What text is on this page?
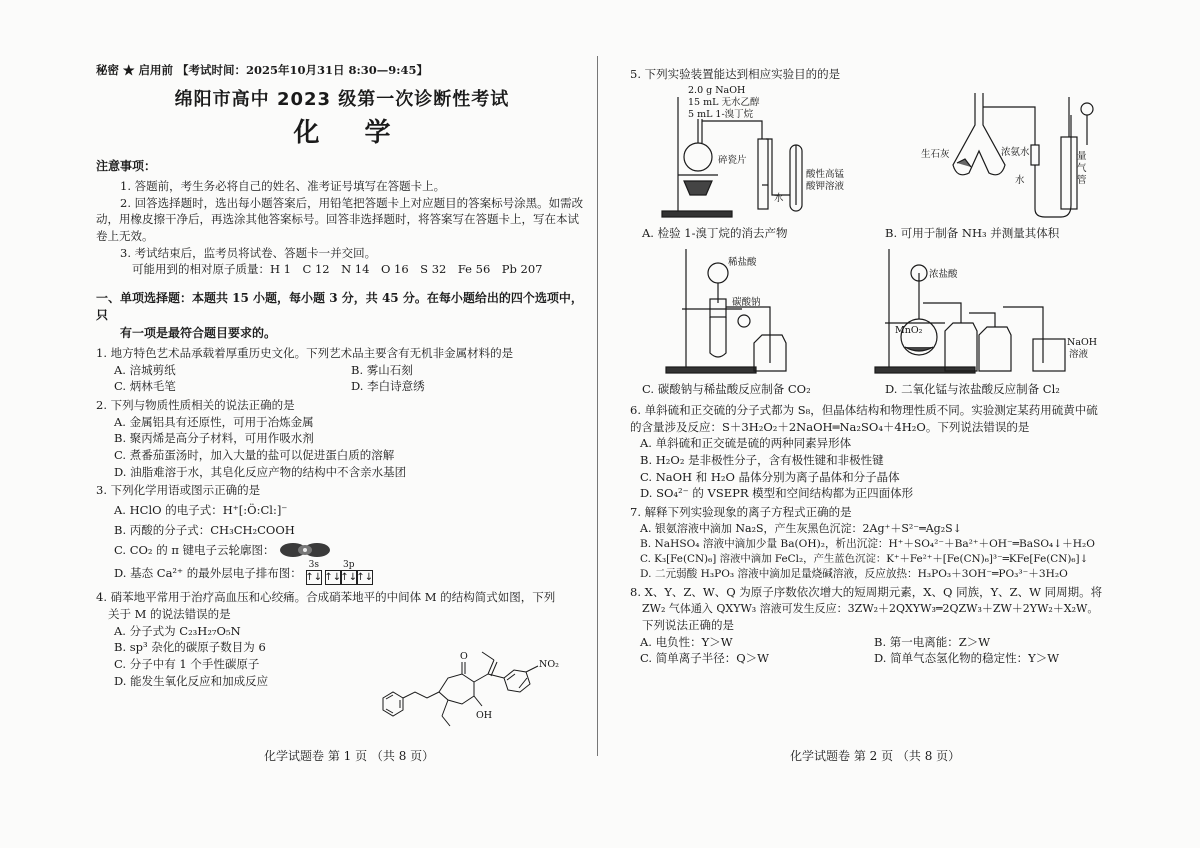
秘密 ★ 启用前 【考试时间：2025年10月31日 8:30—9:45】
绵阳市高中 2023 级第一次诊断性考试
化 学
注意事项：
1. 答题前，考生务必将自己的姓名、准考证号填写在答题卡上。
2. 回答选择题时，选出每小题答案后，用铅笔把答题卡上对应题目的答案标号涂黑。如需改动，用橡皮擦干净后，再选涂其他答案标号。回答非选择题时，将答案写在答题卡上，写在本试卷上无效。
3. 考试结束后，监考员将试卷、答题卡一并交回。
可能用到的相对原子质量：H 1　C 12　N 14　O 16　S 32　Fe 56　Pb 207
一、单项选择题：本题共 15 小题，每小题 3 分，共 45 分。在每小题给出的四个选项中，只
有一项是最符合题目要求的。
1. 地方特色艺术品承载着厚重历史文化。下列艺术品主要含有无机非金属材料的是
A. 涪城剪纸	B. 雾山石刻
C. 炳林毛笔	D. 李白诗意绣
2. 下列与物质性质相关的说法正确的是
A. 金属铝具有还原性，可用于冶炼金属
B. 聚丙烯是高分子材料，可用作吸水剂
C. 煮番茄蛋汤时，加入大量的盐可以促进蛋白质的溶解
D. 油脂难溶于水，其皂化反应产物的结构中不含亲水基团
3. 下列化学用语或图示正确的是
A. HClO 的电子式：H⁺[:Ö:Cl:]⁻
B. 丙酸的分子式：CH₃CH₂COOH
C. CO₂ 的 π 键电子云轮廓图：
D. 基态 Ca²⁺ 的最外层电子排布图：
3s
↑↓
3p
↑↓ ↑↓ ↑↓
4. 硝苯地平常用于治疗高血压和心绞痛。合成硝苯地平的中间体 M 的结构简式如图，下列
关于 M 的说法错误的是
A. 分子式为 C₂₃H₂₇O₅N
B. sp³ 杂化的碳原子数目为 6
C. 分子中有 1 个手性碳原子
D. 能发生氧化反应和加成反应
O
OH
NO₂
5. 下列实验装置能达到相应实验目的的是
2.0 g NaOH
15 mL 无水乙醇
5 mL 1-溴丁烷
碎瓷片
水
酸性高锰
酸钾溶液
A. 检验 1-溴丁烷的消去产物
生石灰	浓氨水
水
量
气
管
B. 可用于制备 NH₃ 并测量其体积
稀盐酸
碳酸钠
C. 碳酸钠与稀盐酸反应制备 CO₂
浓盐酸
MnO₂
NaOH
溶液
D. 二氧化锰与浓盐酸反应制备 Cl₂
6. 单斜硫和正交硫的分子式都为 S₈，但晶体结构和物理性质不同。实验测定某药用硫黄中硫
的含量涉及反应：S＋3H₂O₂＋2NaOH═Na₂SO₄＋4H₂O。下列说法错误的是
A. 单斜硫和正交硫是硫的两种同素异形体
B. H₂O₂ 是非极性分子，含有极性键和非极性键
C. NaOH 和 H₂O 晶体分别为离子晶体和分子晶体
D. SO₄²⁻ 的 VSEPR 模型和空间结构都为正四面体形
7. 解释下列实验现象的离子方程式正确的是
A. 银氨溶液中滴加 Na₂S，产生灰黑色沉淀：2Ag⁺＋S²⁻═Ag₂S↓
B. NaHSO₄ 溶液中滴加少量 Ba(OH)₂，析出沉淀：H⁺＋SO₄²⁻＋Ba²⁺＋OH⁻═BaSO₄↓＋H₂O
C. K₃[Fe(CN)₆] 溶液中滴加 FeCl₂，产生蓝色沉淀：K⁺＋Fe²⁺＋[Fe(CN)₆]³⁻═KFe[Fe(CN)₆]↓
D. 二元弱酸 H₃PO₃ 溶液中滴加足量烧碱溶液，反应放热：H₃PO₃＋3OH⁻═PO₃³⁻＋3H₂O
8. X、Y、Z、W、Q 为原子序数依次增大的短周期元素，X、Q 同族，Y、Z、W 同周期。将
ZW₂ 气体通入 QXYW₃ 溶液可发生反应：3ZW₂＋2QXYW₃═2QZW₃＋ZW＋2YW₂＋X₂W。
下列说法正确的是
A. 电负性：Y＞W	B. 第一电离能：Z＞W
C. 简单离子半径：Q＞W	D. 简单气态氢化物的稳定性：Y＞W
化学试题卷 第 1 页 （共 8 页）	化学试题卷 第 2 页 （共 8 页）
